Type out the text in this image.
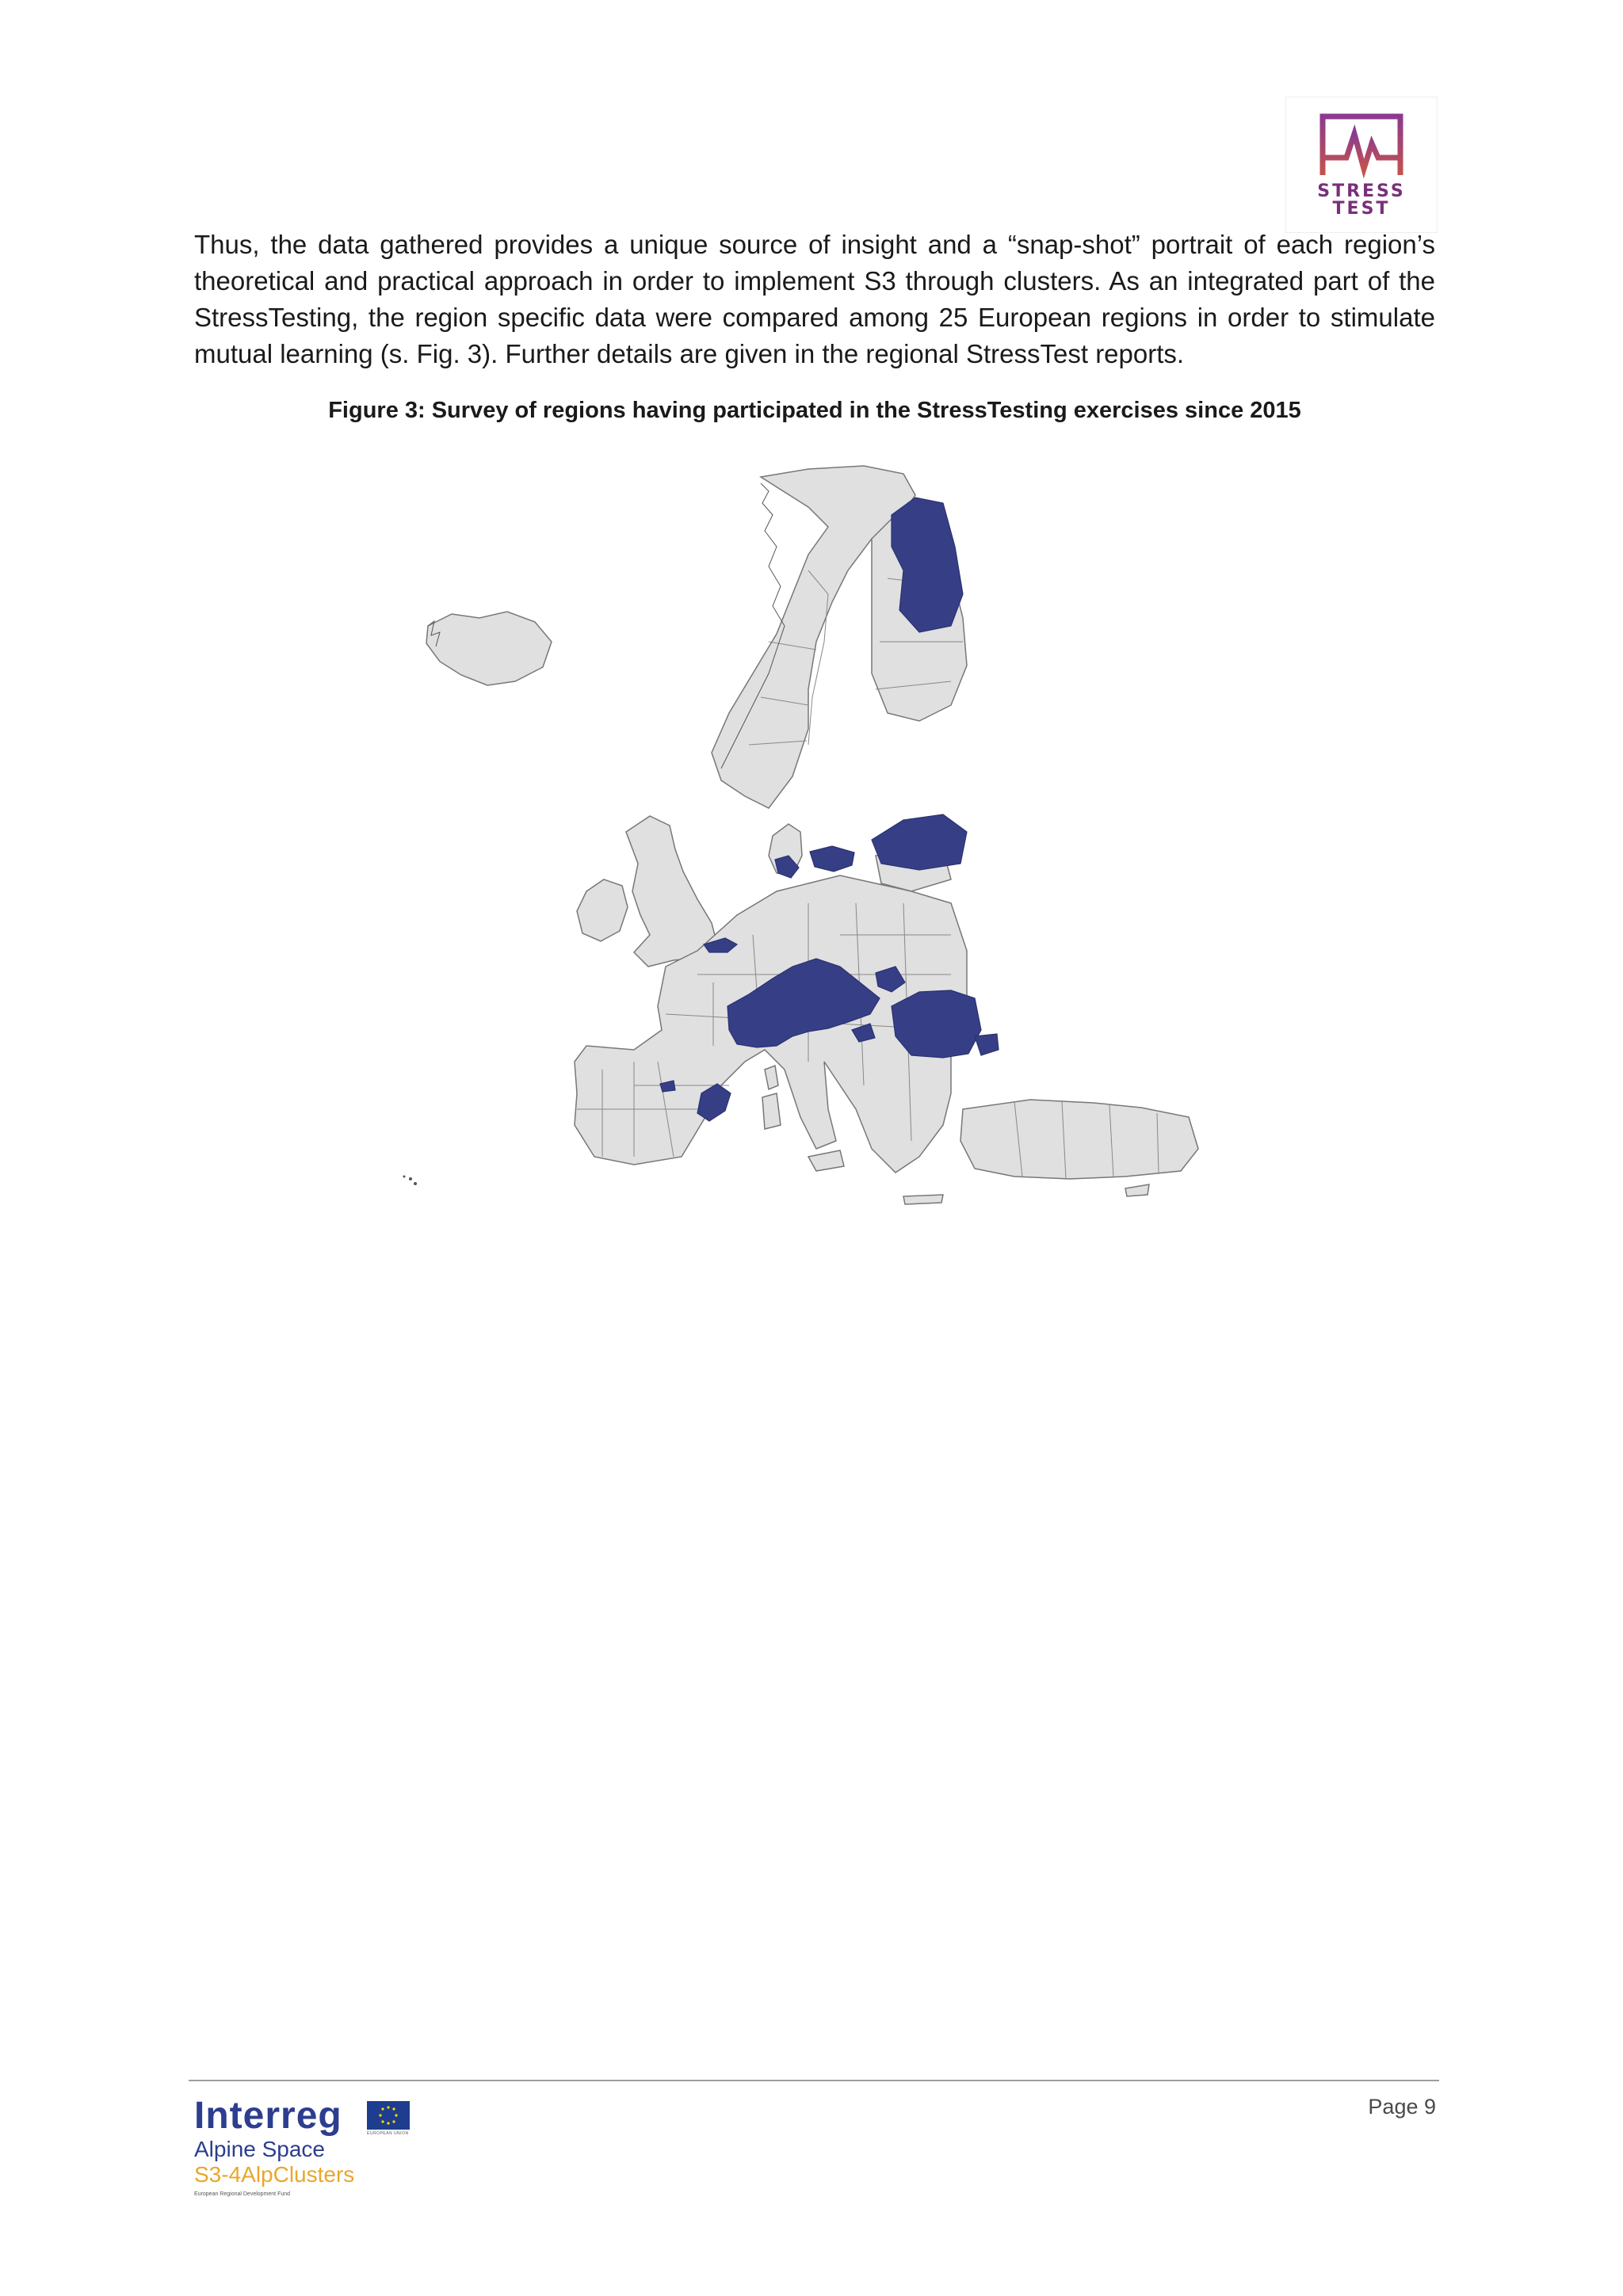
STRESS
TEST

Thus, the data gathered provides a unique source of insight and a “snap-shot” portrait of each region’s theoretical and practical approach in order to implement S3 through clusters. As an integrated part of the StressTesting, the region specific data were compared among 25 European regions in order to stimulate mutual learning (s. Fig. 3). Further details are given in the regional StressTest reports.

Figure 3: Survey of regions having participated in the StressTesting exercises since 2015

Page 9
Interreg	EUROPEAN UNION
Alpine Space
S3-4AlpClusters
European Regional Development Fund
